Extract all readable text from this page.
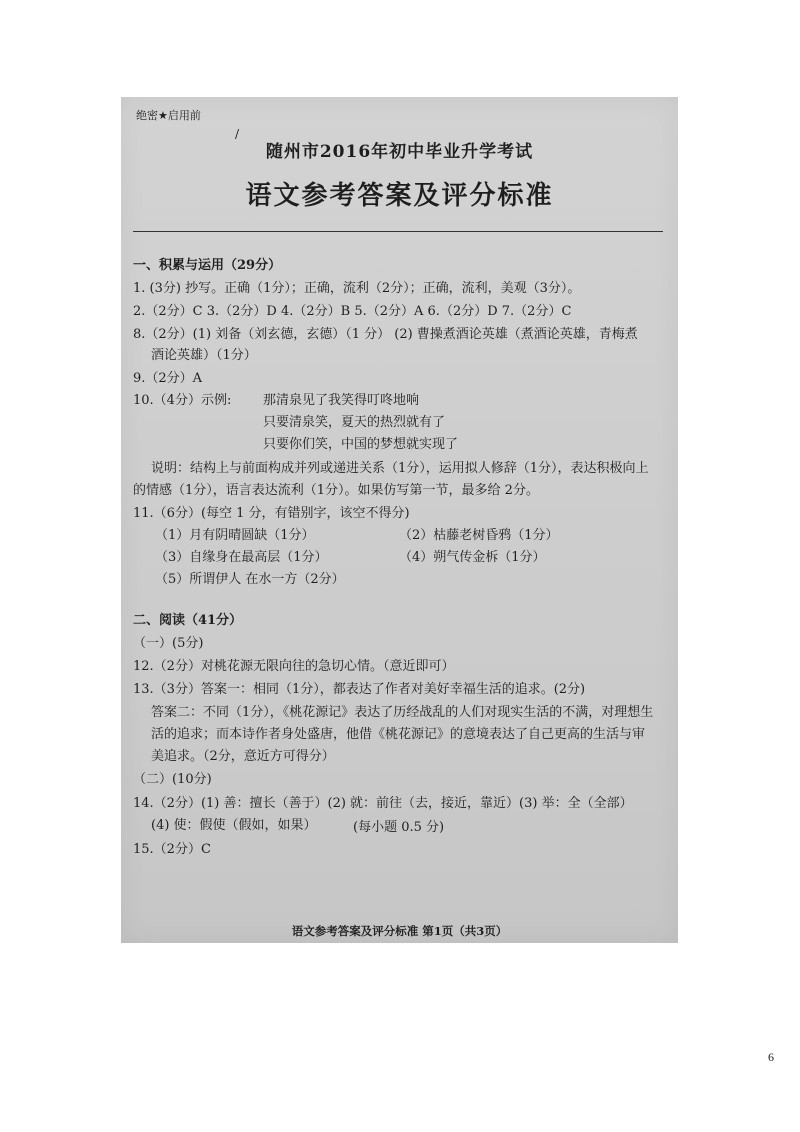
绝密★启用前
/
随州市2016年初中毕业升学考试
语文参考答案及评分标准
一、积累与运用（29分）
1. (3分) 抄写。正确（1分）；正确，流利（2分）；正确，流利，美观（3分）。
2.（2分）C 3.（2分）D 4.（2分）B 5.（2分）A 6.（2分）D 7.（2分）C
8.（2分）(1) 刘备（刘玄德，玄德）（1 分） (2) 曹操煮酒论英雄（煮酒论英雄，青梅煮
酒论英雄）（1分）
9.（2分）A
10.（4分）示例: 那清泉见了我笑得叮咚地响
只要清泉笑，夏天的热烈就有了
只要你们笑，中国的梦想就实现了
说明：结构上与前面构成并列或递进关系（1分），运用拟人修辞（1分），表达积极向上
的情感（1分），语言表达流利（1分）。如果仿写第一节，最多给 2分。
11.（6分）(每空 1 分，有错别字，该空不得分)
（1）月有阴晴圆缺（1分）	（2）枯藤老树昏鸦（1分）
（3）自缘身在最高层（1分）	（4）朔气传金柝（1分）
（5）所谓伊人 在水一方（2分）
二、阅读（41分）
（一）(5分)
12.（2分）对桃花源无限向往的急切心情。（意近即可）
13.（3分）答案一：相同（1分），都表达了作者对美好幸福生活的追求。(2分)
答案二：不同（1分），《桃花源记》表达了历经战乱的人们对现实生活的不满，对理想生
活的追求；而本诗作者身处盛唐，他借《桃花源记》的意境表达了自己更高的生活与审
美追求。（2分，意近方可得分）
（二）(10分)
14.（2分）(1) 善：擅长（善于）(2) 就：前往（去，接近，靠近）(3) 举：全（全部）
(4) 使：假使（假如，如果）	(每小题 0.5 分)
15.（2分）C
语文参考答案及评分标准 第1页（共3页）
6
